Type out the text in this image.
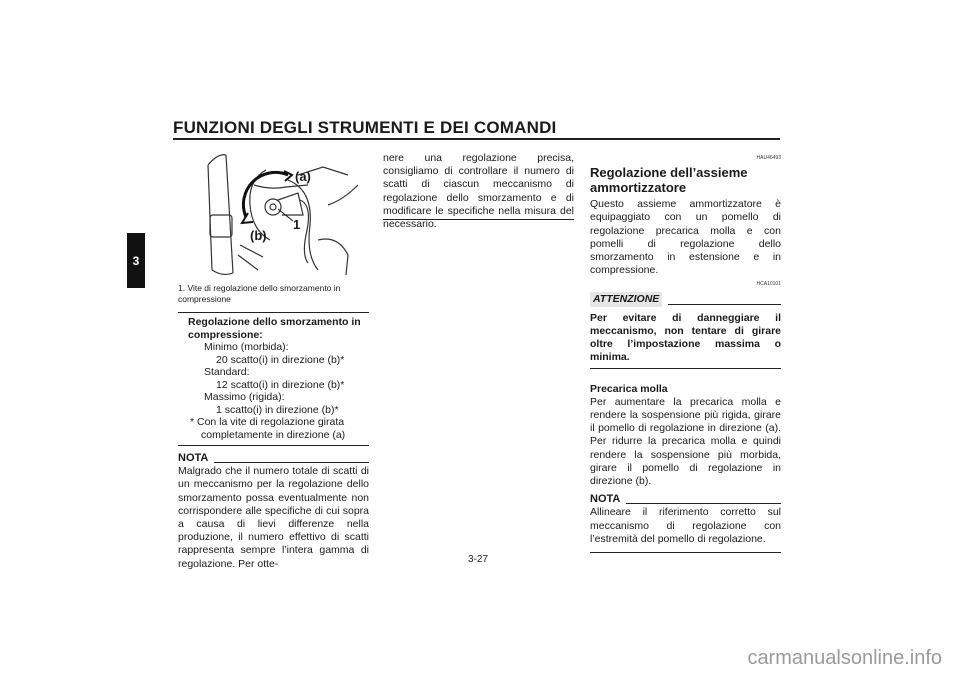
FUNZIONI DEGLI STRUMENTI E DEI COMANDI
3
(a)
(b)
1
1. Vite di regolazione dello smorzamento in
compressione
Regolazione dello smorzamento in compressione:
Minimo (morbida):
20 scatto(i) in direzione (b)*
Standard:
12 scatto(i) in direzione (b)*
Massimo (rigida):
1 scatto(i) in direzione (b)*
* Con la vite di regolazione girata
completamente in direzione (a)
NOTA
Malgrado che il numero totale di scatti di un meccanismo per la regolazione dello smorzamento possa eventualmente non corrispondere alle specifiche di cui sopra a causa di lievi differenze nella produzione, il numero effettivo di scatti rappresenta sempre l’intera gamma di regolazione. Per otte-
nere una regolazione precisa, consigliamo di controllare il numero di scatti di ciascun meccanismo di regolazione dello smorzamento e di modificare le specifiche nella misura del necessario.
HAU46493
Regolazione dell’assieme ammortizzatore
Questo assieme ammortizzatore è equipaggiato con un pomello di regolazione precarica molla e con pomelli di regolazione dello smorzamento in estensione e in compressione.
HCA10101
ATTENZIONE
Per evitare di danneggiare il meccanismo, non tentare di girare oltre l’impostazione massima o minima.
Precarica molla
Per aumentare la precarica molla e rendere la sospensione più rigida, girare il pomello di regolazione in direzione (a). Per ridurre la precarica molla e quindi rendere la sospensione più morbida, girare il pomello di regolazione in direzione (b).
NOTA
Allineare il riferimento corretto sul meccanismo di regolazione con l’estremità del pomello di regolazione.
3-27
carmanualsonline.info
